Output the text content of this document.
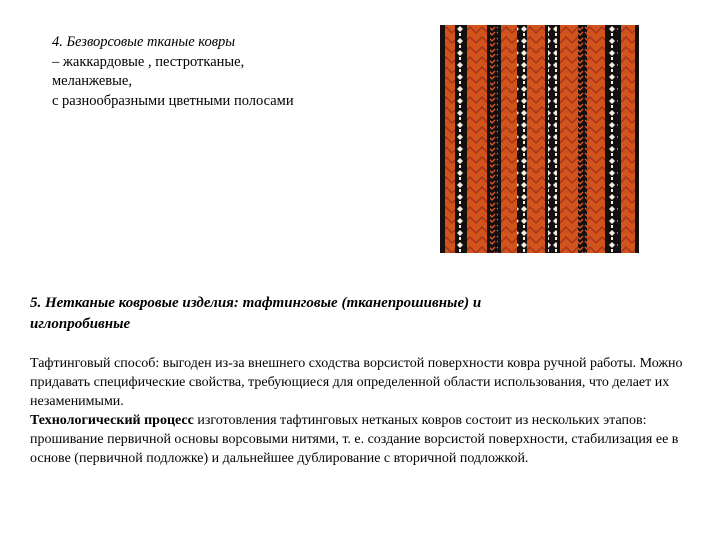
4. Безворсовые тканые ковры
– жаккардовые , пестротканые,
меланжевые,
с разнообразными цветными полосами
5. Нетканые ковровые изделия: тафтинговые (тканепрошивные) и
иглопробивные
Тафтинговый способ: выгоден из-за внешнего сходства ворсистой поверхности ковра ручной работы. Можно придавать специфические свойства, требующиеся для определенной области использования, что делает их незаменимыми.
Технологический процесс изготовления тафтинговых нетканых ковров состоит из нескольких этапов: прошивание первичной основы ворсовыми нитями, т. е. создание ворсистой поверхности, стабилизация ее в основе (первичной подложке) и дальнейшее дублирование с вторичной подложкой.
